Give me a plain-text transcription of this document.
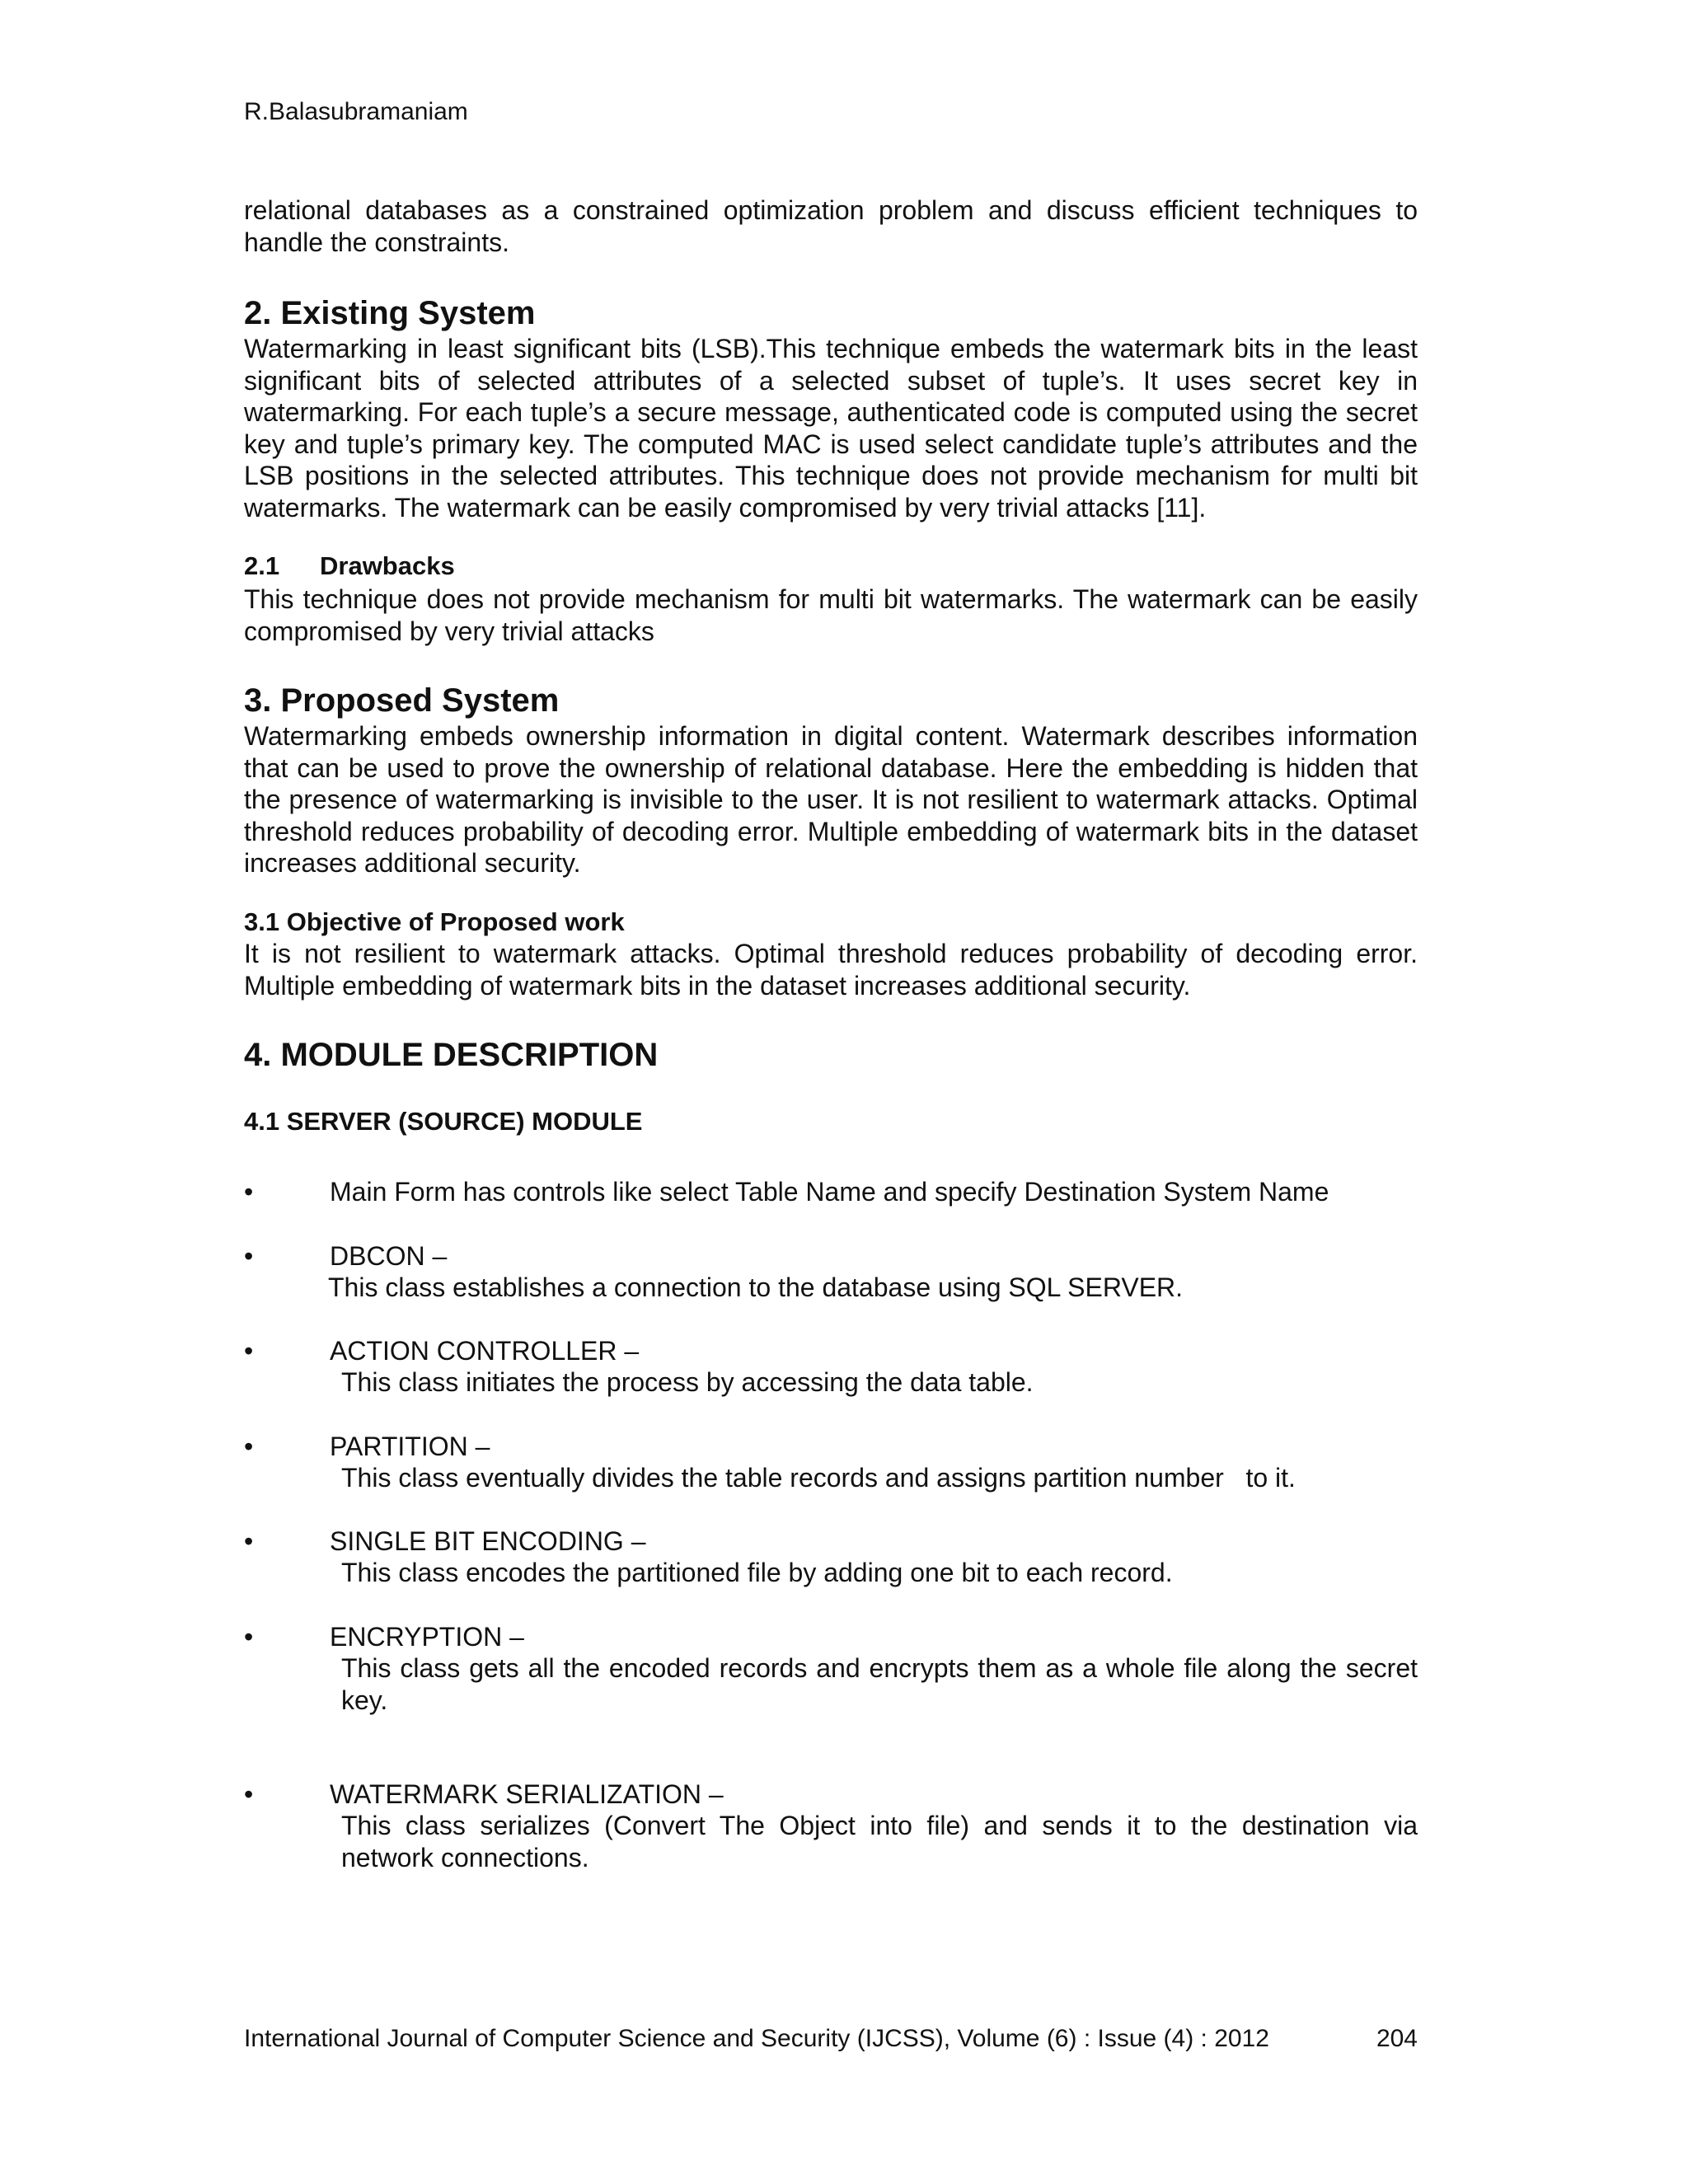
R.Balasubramaniam
relational databases as a constrained optimization problem and discuss efficient techniques to handle the constraints.
2. Existing System
Watermarking in least significant bits (LSB).This technique embeds the watermark bits in the least significant bits of selected attributes of a selected subset of tuple’s. It uses secret key in watermarking. For each tuple’s a secure message, authenticated code is computed using the secret key and tuple’s primary key. The computed MAC is used select candidate tuple’s attributes and the LSB positions in the selected attributes. This technique does not provide mechanism for multi bit watermarks. The watermark can be easily compromised by very trivial attacks [11].
2.1 Drawbacks
This technique does not provide mechanism for multi bit watermarks. The watermark can be easily compromised by very trivial attacks
3. Proposed System
Watermarking embeds ownership information in digital content. Watermark describes information that can be used to prove the ownership of relational database. Here the embedding is hidden that the presence of watermarking is invisible to the user. It is not resilient to watermark attacks. Optimal threshold reduces probability of decoding error. Multiple embedding of watermark bits in the dataset increases additional security.
3.1 Objective of Proposed work
It is not resilient to watermark attacks. Optimal threshold reduces probability of decoding error. Multiple embedding of watermark bits in the dataset increases additional security.
4. MODULE DESCRIPTION
4.1 SERVER (SOURCE) MODULE
•	Main Form has controls like select Table Name and specify Destination System Name
•	DBCON –
This class establishes a connection to the database using SQL SERVER.
•	ACTION CONTROLLER –
This class initiates the process by accessing the data table.
•	PARTITION –
This class eventually divides the table records and assigns partition number   to it.
•	SINGLE BIT ENCODING –
This class encodes the partitioned file by adding one bit to each record.
•	ENCRYPTION –
This class gets all the encoded records and encrypts them as a whole file along the secret key.
•	WATERMARK SERIALIZATION –
This class serializes (Convert The Object into file) and sends it to the destination via network connections.
International Journal of Computer Science and Security (IJCSS), Volume (6) : Issue (4) : 2012	204
